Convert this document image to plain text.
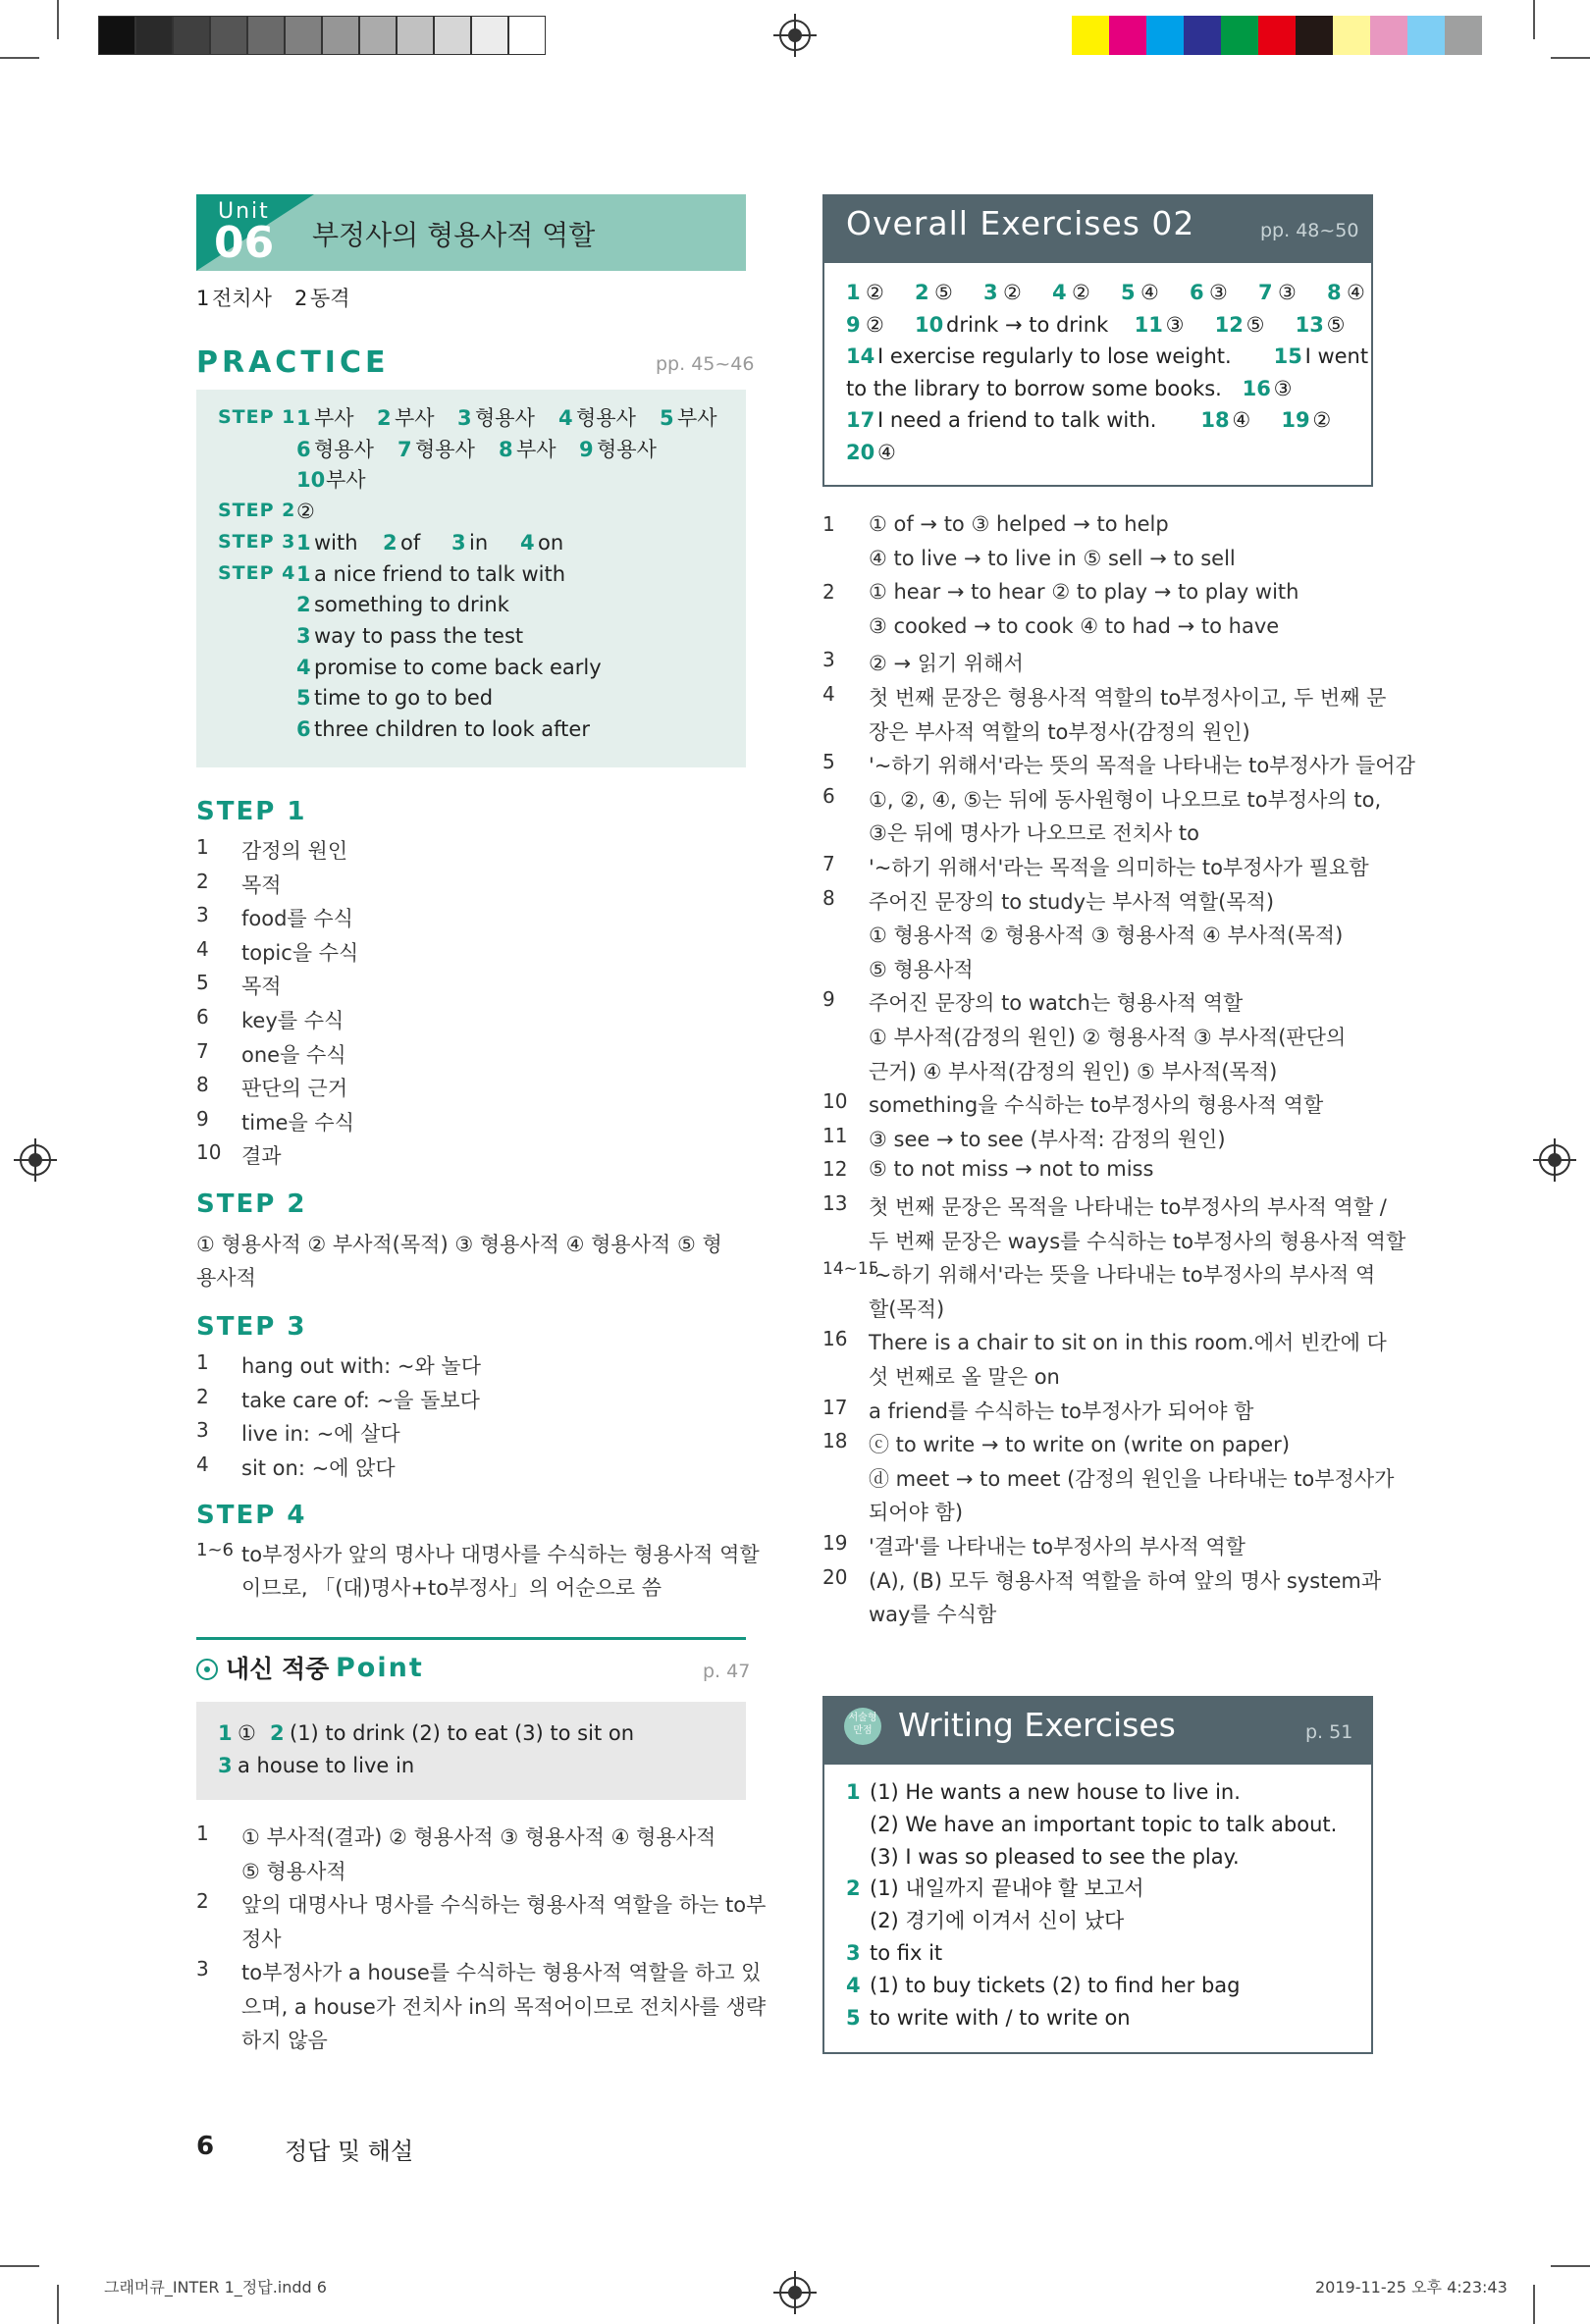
Unit
06 부정사의 형용사적 역할
1 전치사 2 동격
PRACTICE	pp. 45~46
STEP 1 1 부사 2 부사 3 형용사 4 형용사 5 부사
6 형용사 7 형용사 8 부사 9 형용사
10 부사
STEP 2 ②
STEP 3 1 with 2 of 3 in 4 on
STEP 4 1 a nice friend to talk with
2 something to drink
3 way to pass the test
4 promise to come back early
5 time to go to bed
6 three children to look after
STEP 1
1 감정의 원인
2 목적
3 food를 수식
4 topic을 수식
5 목적
6 key를 수식
7 one을 수식
8 판단의 근거
9 time을 수식
10 결과
STEP 2
① 형용사적 ② 부사적(목적) ③ 형용사적 ④ 형용사적 ⑤ 형
용사적
STEP 3
1 hang out with: ~와 놀다
2 take care of: ~을 돌보다
3 live in: ~에 살다
4 sit on: ~에 앉다
STEP 4
1~6 to부정사가 앞의 명사나 대명사를 수식하는 형용사적 역할
이므로, 「(대)명사+to부정사」의 어순으로 씀
내신 적중 Point	p. 47
1 ① 2 (1) to drink (2) to eat (3) to sit on
3 a house to live in
1 ① 부사적(결과) ② 형용사적 ③ 형용사적 ④ 형용사적
⑤ 형용사적
2 앞의 대명사나 명사를 수식하는 형용사적 역할을 하는 to부
정사
3 to부정사가 a house를 수식하는 형용사적 역할을 하고 있
으며, a house가 전치사 in의 목적어이므로 전치사를 생략
하지 않음
Overall Exercises 02	pp. 48~50
1 ② 2 ⑤ 3 ② 4 ② 5 ④ 6 ③ 7 ③ 8 ④
9 ② 10 drink → to drink 11 ③ 12 ⑤ 13 ⑤
14 I exercise regularly to lose weight. 15 I went
to the library to borrow some books. 16 ③
17 I need a friend to talk with. 18 ④ 19 ②
20 ④
1 ① of → to ③ helped → to help
④ to live → to live in ⑤ sell → to sell
2 ① hear → to hear ② to play → to play with
③ cooked → to cook ④ to had → to have
3 ② → 읽기 위해서
4 첫 번째 문장은 형용사적 역할의 to부정사이고, 두 번째 문
장은 부사적 역할의 to부정사(감정의 원인)
5 '~하기 위해서'라는 뜻의 목적을 나타내는 to부정사가 들어감
6 ①, ②, ④, ⑤는 뒤에 동사원형이 나오므로 to부정사의 to,
③은 뒤에 명사가 나오므로 전치사 to
7 '~하기 위해서'라는 목적을 의미하는 to부정사가 필요함
8 주어진 문장의 to study는 부사적 역할(목적)
① 형용사적 ② 형용사적 ③ 형용사적 ④ 부사적(목적)
⑤ 형용사적
9 주어진 문장의 to watch는 형용사적 역할
① 부사적(감정의 원인) ② 형용사적 ③ 부사적(판단의
근거) ④ 부사적(감정의 원인) ⑤ 부사적(목적)
10 something을 수식하는 to부정사의 형용사적 역할
11 ③ see → to see (부사적: 감정의 원인)
12 ⑤ to not miss → not to miss
13 첫 번째 문장은 목적을 나타내는 to부정사의 부사적 역할 /
두 번째 문장은 ways를 수식하는 to부정사의 형용사적 역할
14~15
'~하기 위해서'라는 뜻을 나타내는 to부정사의 부사적 역
할(목적)
16 There is a chair to sit on in this room.에서 빈칸에 다
섯 번째로 올 말은 on
17 a friend를 수식하는 to부정사가 되어야 함
18 ⓒ to write → to write on (write on paper)
ⓓ meet → to meet (감정의 원인을 나타내는 to부정사가
되어야 함)
19 '결과'를 나타내는 to부정사의 부사적 역할
20 (A), (B) 모두 형용사적 역할을 하여 앞의 명사 system과
way를 수식함
서술형 만점 Writing Exercises	p. 51
1 (1) He wants a new house to live in.
(2) We have an important topic to talk about.
(3) I was so pleased to see the play.
2 (1) 내일까지 끝내야 할 보고서
(2) 경기에 이겨서 신이 났다
3 to fix it
4 (1) to buy tickets (2) to find her bag
5 to write with / to write on
6	정답 및 해설
그래머큐_INTER 1_정답.indd 6	2019-11-25 오후 4:23:43
